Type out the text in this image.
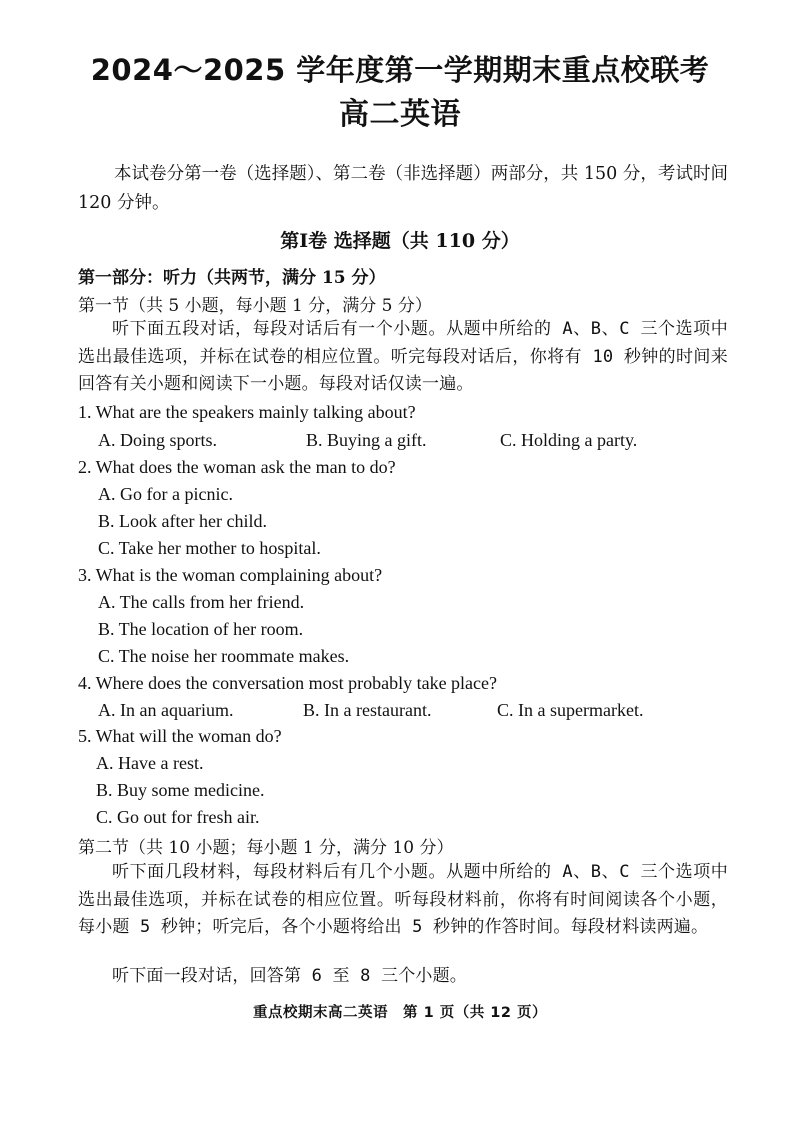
2024～2025 学年度第一学期期末重点校联考
高二英语
本试卷分第一卷（选择题）、第二卷（非选择题）两部分，共 150 分，考试时间 120 分钟。
第Ⅰ卷 选择题（共 110 分）
第一部分：听力（共两节，满分 15 分）
第一节（共 5 小题，每小题 1 分，满分 5 分）
听下面五段对话，每段对话后有一个小题。从题中所给的 A、B、C 三个选项中选出最佳选项，并标在试卷的相应位置。听完每段对话后，你将有 10 秒钟的时间来回答有关小题和阅读下一小题。每段对话仅读一遍。
1. What are the speakers mainly talking about?
A. Doing sports.	B. Buying a gift.	C. Holding a party.
2. What does the woman ask the man to do?
A. Go for a picnic.
B. Look after her child.
C. Take her mother to hospital.
3. What is the woman complaining about?
A. The calls from her friend.
B. The location of her room.
C. The noise her roommate makes.
4. Where does the conversation most probably take place?
A. In an aquarium.	B. In a restaurant.	C. In a supermarket.
5. What will the woman do?
A. Have a rest.
B. Buy some medicine.
C. Go out for fresh air.
第二节（共 10 小题；每小题 1 分，满分 10 分）
听下面几段材料，每段材料后有几个小题。从题中所给的 A、B、C 三个选项中选出最佳选项，并标在试卷的相应位置。听每段材料前，你将有时间阅读各个小题，每小题 5 秒钟；听完后，各个小题将给出 5 秒钟的作答时间。每段材料读两遍。
听下面一段对话，回答第 6 至 8 三个小题。
重点校期末高二英语　第 1 页（共 12 页）
